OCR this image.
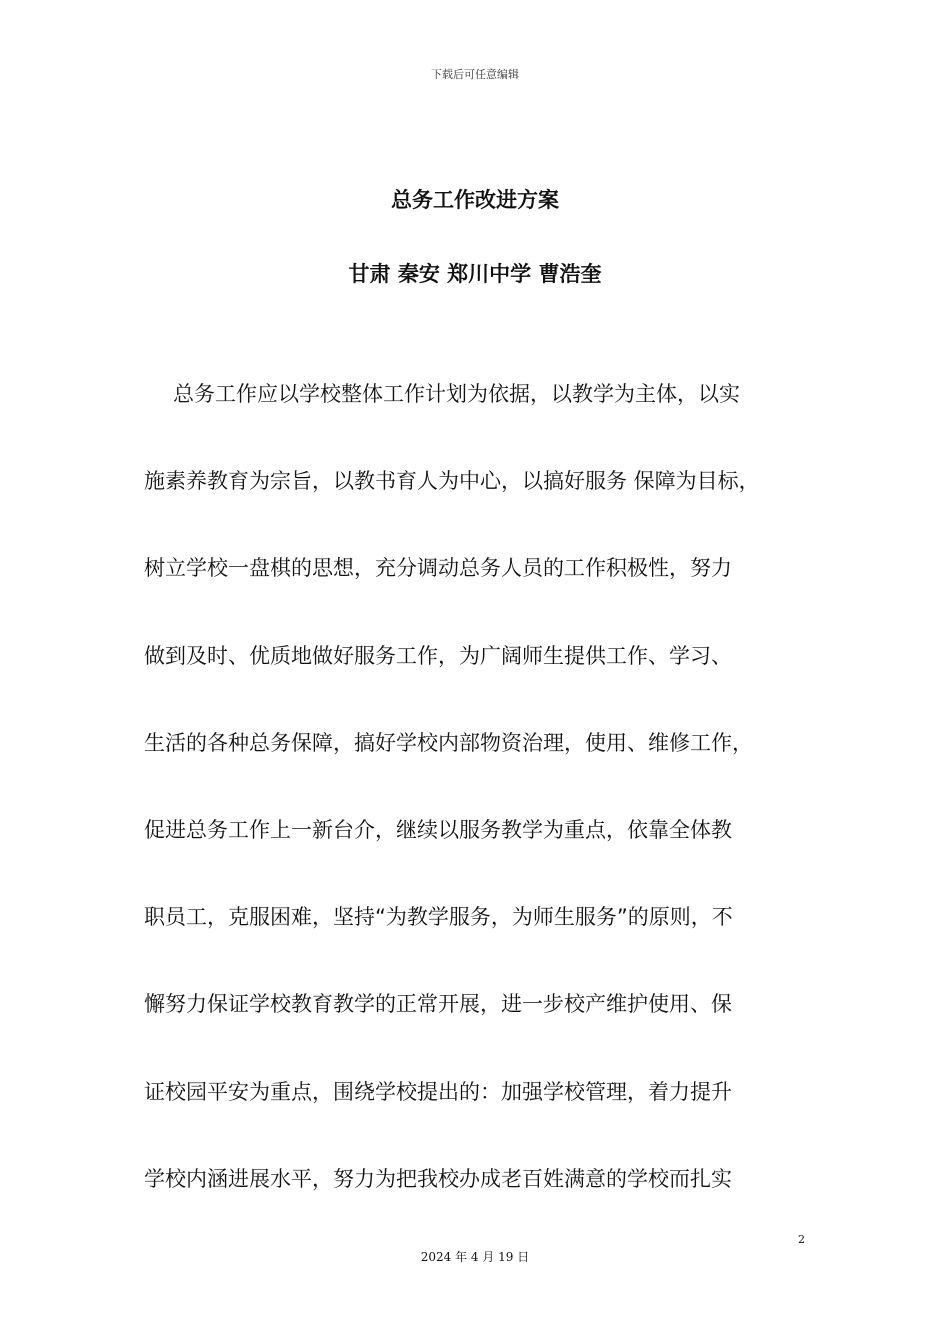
下载后可任意编辑
总务工作改进方案
甘肃 秦安 郑川中学 曹浩奎
总务工作应以学校整体工作计划为依据，以教学为主体，以实
施素养教育为宗旨，以教书育人为中心，以搞好服务 保障为目标，
树立学校一盘棋的思想，充分调动总务人员的工作积极性，努力
做到及时、优质地做好服务工作，为广阔师生提供工作、学习、
生活的各种总务保障，搞好学校内部物资治理，使用、维修工作，
促进总务工作上一新台介，继续以服务教学为重点，依靠全体教
职员工，克服困难，坚持“为教学服务，为师生服务”的原则，不
懈努力保证学校教育教学的正常开展，进一步校产维护使用、保
证校园平安为重点，围绕学校提出的：加强学校管理，着力提升
学校内涵进展水平，努力为把我校办成老百姓满意的学校而扎实
2
2024 年 4 月 19 日
